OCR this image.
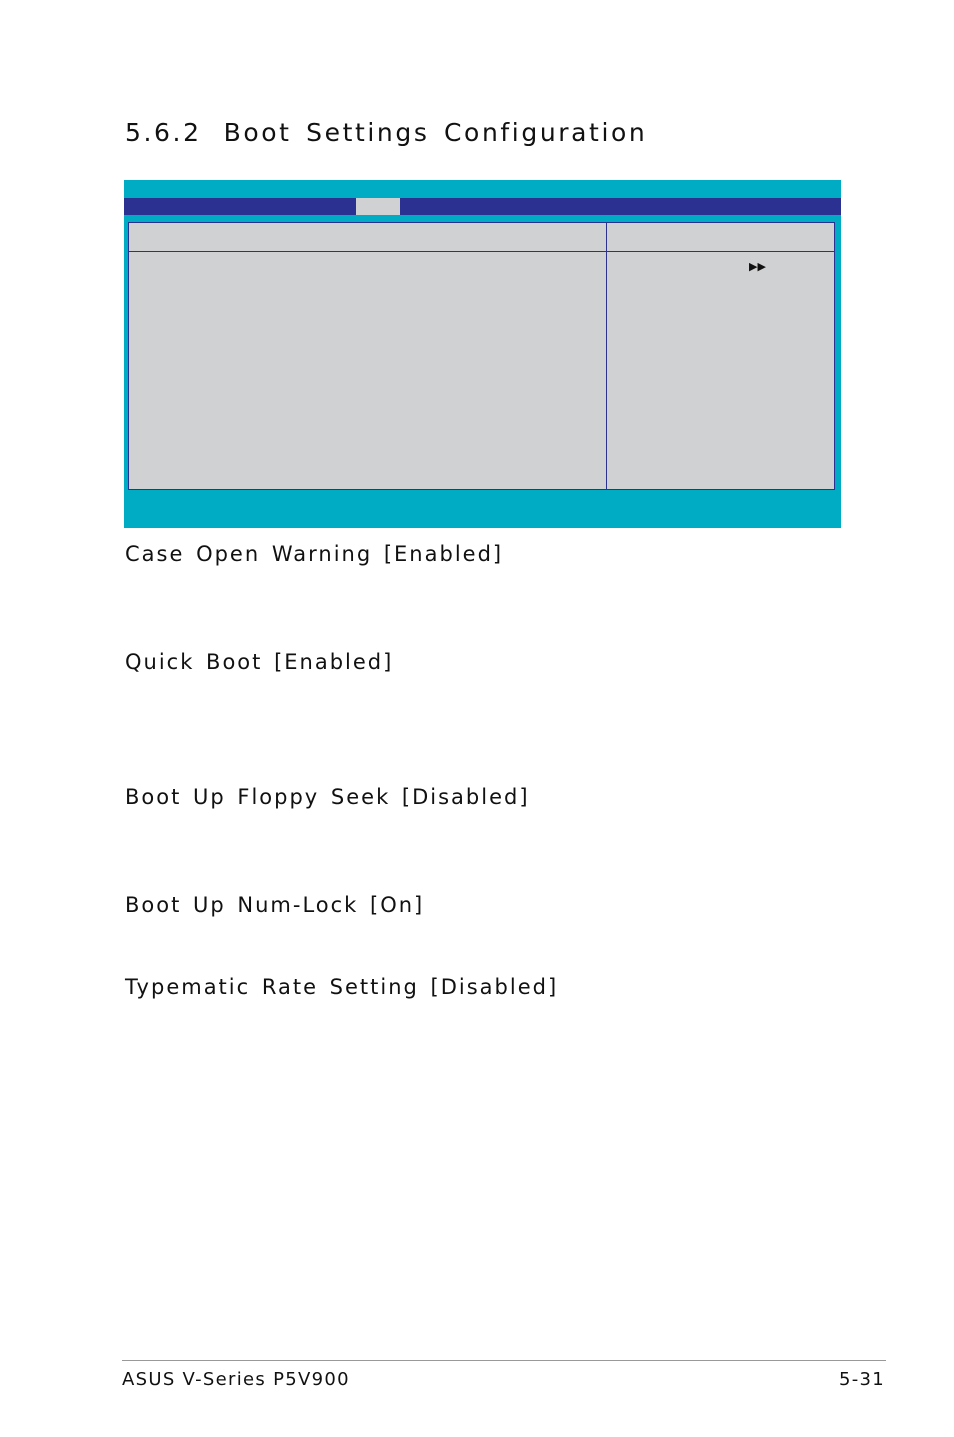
5.6.2 Boot Settings Configuration
▶▶
Case Open Warning [Enabled]
Quick Boot [Enabled]
Boot Up Floppy Seek [Disabled]
Boot Up Num-Lock [On]
Typematic Rate Setting [Disabled]
ASUS V-Series P5V900	5-31
